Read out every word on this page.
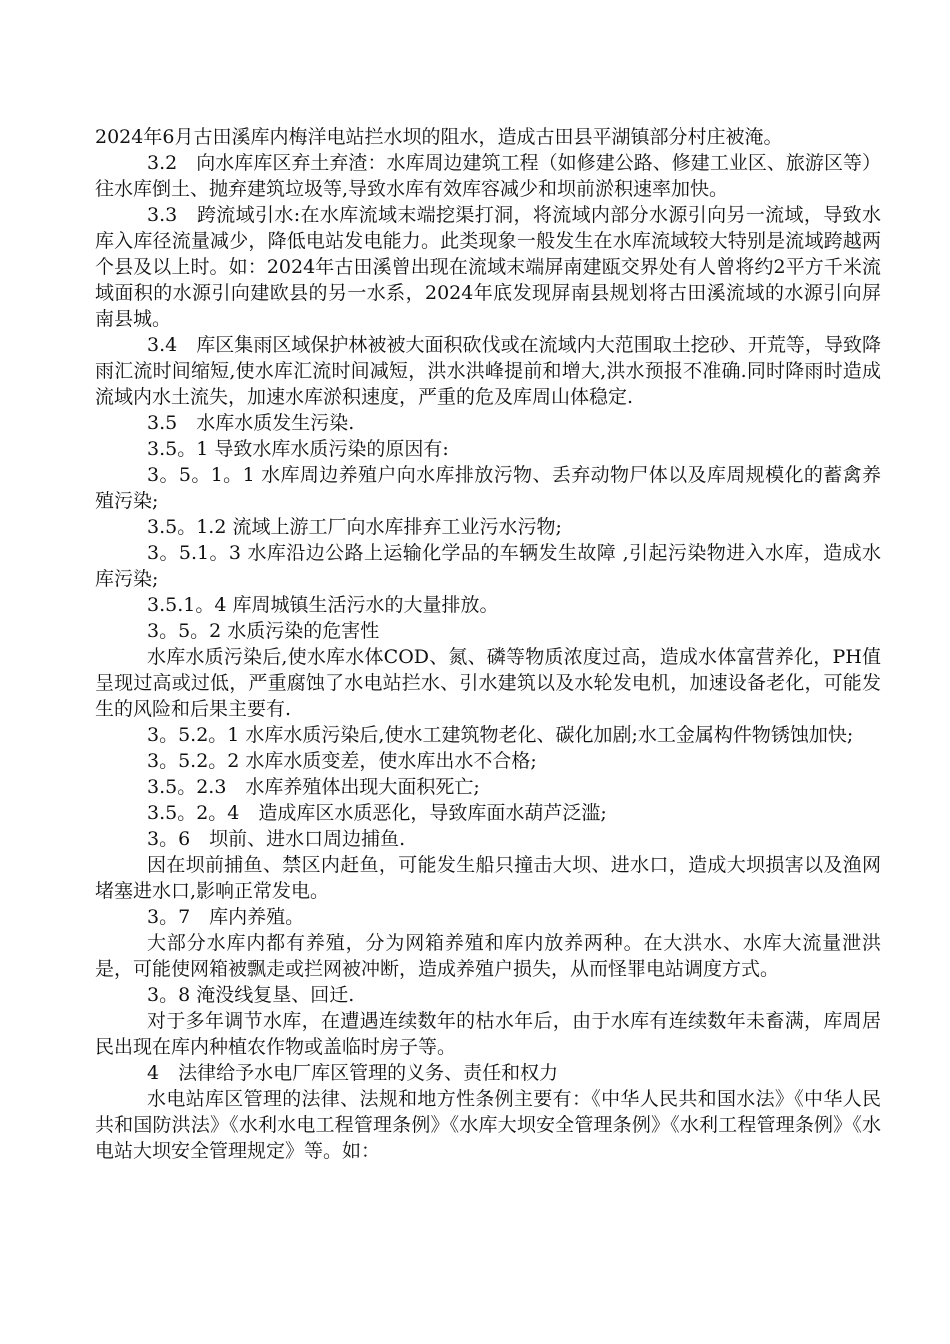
2024年6月古田溪库内梅洋电站拦水坝的阻水，造成古田县平湖镇部分村庄被淹。

3.2　向水库库区弃土弃渣：水库周边建筑工程（如修建公路、修建工业区、旅游区等）往水库倒土、抛弃建筑垃圾等,导致水库有效库容减少和坝前淤积速率加快。

3.3　跨流域引水:在水库流域末端挖渠打洞，将流域内部分水源引向另一流域，导致水库入库径流量减少，降低电站发电能力。此类现象一般发生在水库流域较大特别是流域跨越两个县及以上时。如：2024年古田溪曾出现在流域末端屏南建瓯交界处有人曾将约2平方千米流域面积的水源引向建欧县的另一水系，2024年底发现屏南县规划将古田溪流域的水源引向屏南县城。

3.4　库区集雨区域保护林被被大面积砍伐或在流域内大范围取土挖砂、开荒等，导致降雨汇流时间缩短,使水库汇流时间减短，洪水洪峰提前和增大,洪水预报不准确.同时降雨时造成流域内水土流失，加速水库淤积速度，严重的危及库周山体稳定.

3.5　水库水质发生污染.

3.5。1 导致水库水质污染的原因有:

3。5。1。1 水库周边养殖户向水库排放污物、丢弃动物尸体以及库周规模化的蓄禽养殖污染;

3.5。1.2 流域上游工厂向水库排弃工业污水污物;

3。5.1。3 水库沿边公路上运输化学品的车辆发生故障 ,引起污染物进入水库，造成水库污染;

3.5.1。4 库周城镇生活污水的大量排放。

3。5。2 水质污染的危害性

水库水质污染后,使水库水体COD、氮、磷等物质浓度过高，造成水体富营养化，PH值呈现过高或过低，严重腐蚀了水电站拦水、引水建筑以及水轮发电机，加速设备老化，可能发生的风险和后果主要有.

3。5.2。1 水库水质污染后,使水工建筑物老化、碳化加剧;水工金属构件物锈蚀加快;

3。5.2。2 水库水质变差，使水库出水不合格;

3.5。2.3　水库养殖体出现大面积死亡;

3.5。2。4　造成库区水质恶化，导致库面水葫芦泛滥;

3。6　坝前、进水口周边捕鱼.

因在坝前捕鱼、禁区内赶鱼，可能发生船只撞击大坝、进水口，造成大坝损害以及渔网堵塞进水口,影响正常发电。

3。7　库内养殖。

大部分水库内都有养殖，分为网箱养殖和库内放养两种。在大洪水、水库大流量泄洪是，可能使网箱被飘走或拦网被冲断，造成养殖户损失，从而怪罪电站调度方式。

3。8 淹没线复垦、回迁.

对于多年调节水库，在遭遇连续数年的枯水年后，由于水库有连续数年未畜满，库周居民出现在库内种植农作物或盖临时房子等。

4　法律给予水电厂库区管理的义务、责任和权力

水电站库区管理的法律、法规和地方性条例主要有：《中华人民共和国水法》《中华人民共和国防洪法》《水利水电工程管理条例》《水库大坝安全管理条例》《水利工程管理条例》《水电站大坝安全管理规定》等。如：
